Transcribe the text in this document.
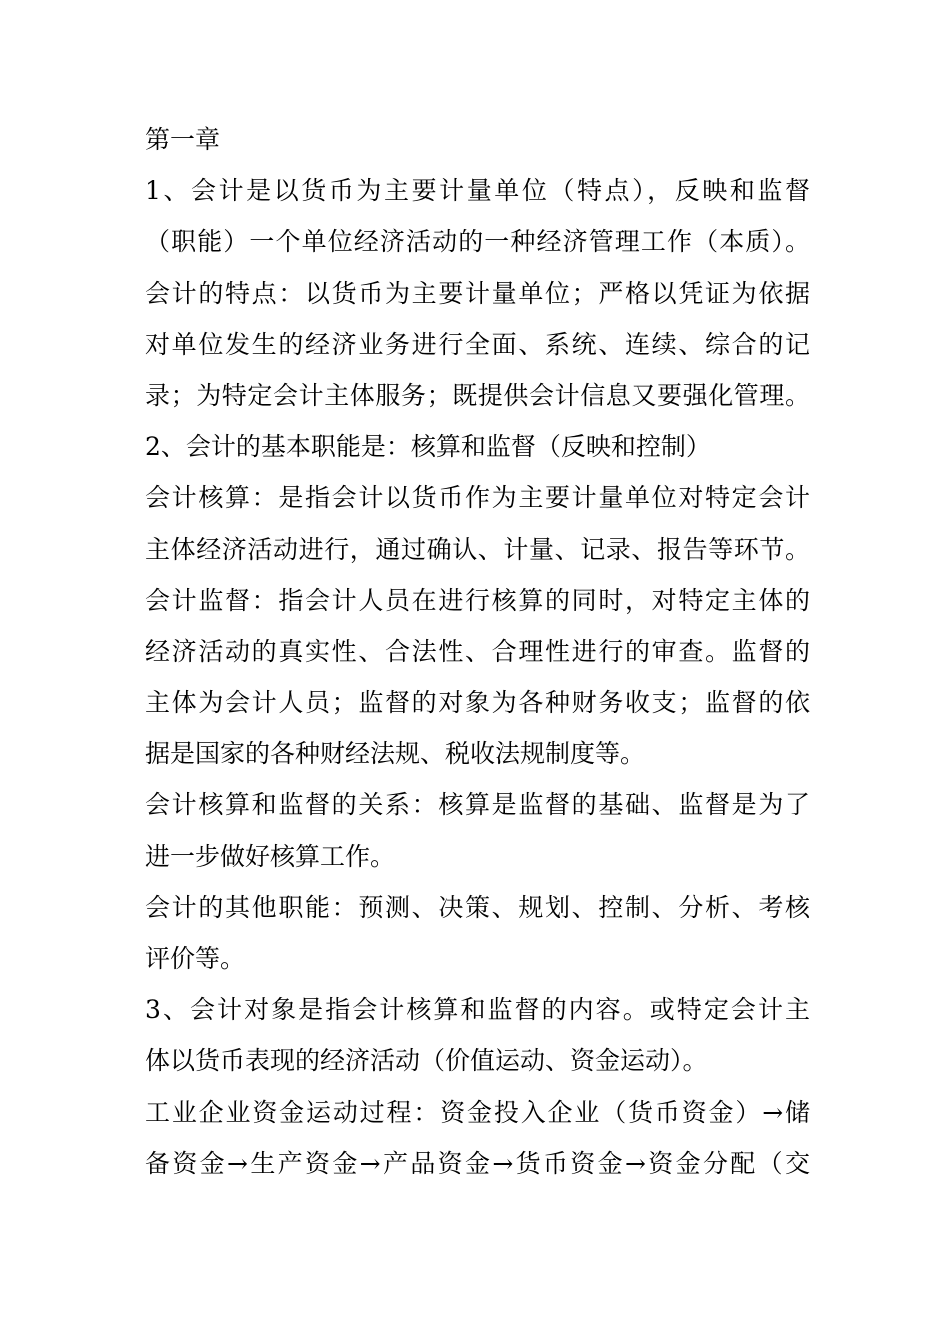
第一章
1、会计是以货币为主要计量单位（特点），反映和监督
（职能）一个单位经济活动的一种经济管理工作（本质）。
会计的特点：以货币为主要计量单位；严格以凭证为依据
对单位发生的经济业务进行全面、系统、连续、综合的记
录；为特定会计主体服务；既提供会计信息又要强化管理。
2、会计的基本职能是：核算和监督（反映和控制）
会计核算：是指会计以货币作为主要计量单位对特定会计
主体经济活动进行，通过确认、计量、记录、报告等环节。
会计监督：指会计人员在进行核算的同时，对特定主体的
经济活动的真实性、合法性、合理性进行的审查。监督的
主体为会计人员；监督的对象为各种财务收支；监督的依
据是国家的各种财经法规、税收法规制度等。
会计核算和监督的关系：核算是监督的基础、监督是为了
进一步做好核算工作。
会计的其他职能：预测、决策、规划、控制、分析、考核
评价等。
3、会计对象是指会计核算和监督的内容。或特定会计主
体以货币表现的经济活动（价值运动、资金运动）。
工业企业资金运动过程：资金投入企业（货币资金）→储
备资金→生产资金→产品资金→货币资金→资金分配（交
